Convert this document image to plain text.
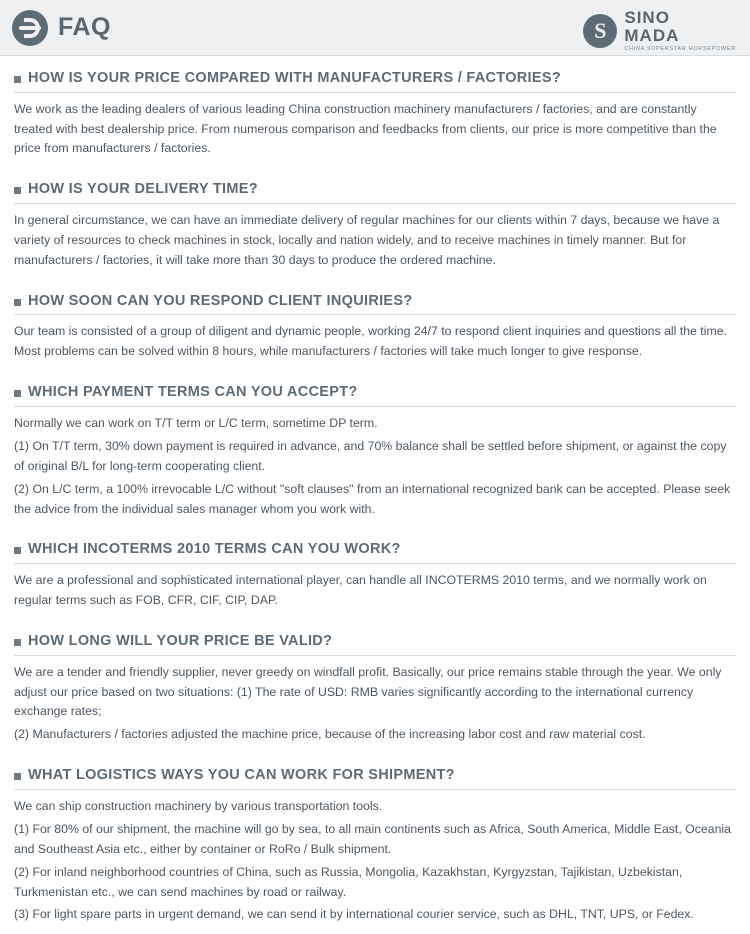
FAQ S	SINO
MADA
CHINA SUPERSTAR HORSEPOWER
HOW IS YOUR PRICE COMPARED WITH MANUFACTURERS / FACTORIES?

We work as the leading dealers of various leading China construction machinery manufacturers / factories, and are constantly treated with best dealership price. From numerous comparison and feedbacks from clients, our price is more competitive than the price from manufacturers / factories.

HOW IS YOUR DELIVERY TIME?

In general circumstance, we can have an immediate delivery of regular machines for our clients within 7 days, because we have a variety of resources to check machines in stock, locally and nation widely, and to receive machines in timely manner. But for manufacturers / factories, it will take more than 30 days to produce the ordered machine.

HOW SOON CAN YOU RESPOND CLIENT INQUIRIES?

Our team is consisted of a group of diligent and dynamic people, working 24/7 to respond client inquiries and questions all the time. Most problems can be solved within 8 hours, while manufacturers / factories will take much longer to give response.

WHICH PAYMENT TERMS CAN YOU ACCEPT?

Normally we can work on T/T term or L/C term, sometime DP term.

(1) On T/T term, 30% down payment is required in advance, and 70% balance shall be settled before shipment, or against the copy of original B/L for long-term cooperating client.

(2) On L/C term, a 100% irrevocable L/C without "soft clauses" from an international recognized bank can be accepted. Please seek the advice from the individual sales manager whom you work with.

WHICH INCOTERMS 2010 TERMS CAN YOU WORK?

We are a professional and sophisticated international player, can handle all INCOTERMS 2010 terms, and we normally work on regular terms such as FOB, CFR, CIF, CIP, DAP.

HOW LONG WILL YOUR PRICE BE VALID?

We are a tender and friendly supplier, never greedy on windfall profit. Basically, our price remains stable through the year. We only adjust our price based on two situations: (1) The rate of USD: RMB varies significantly according to the international currency exchange rates;

(2) Manufacturers / factories adjusted the machine price, because of the increasing labor cost and raw material cost.

WHAT LOGISTICS WAYS YOU CAN WORK FOR SHIPMENT?

We can ship construction machinery by various transportation tools.

(1) For 80% of our shipment, the machine will go by sea, to all main continents such as Africa, South America, Middle East, Oceania and Southeast Asia etc., either by container or RoRo / Bulk shipment.

(2) For inland neighborhood countries of China, such as Russia, Mongolia, Kazakhstan, Kyrgyzstan, Tajikistan, Uzbekistan, Turkmenistan etc., we can send machines by road or railway.

(3) For light spare parts in urgent demand, we can send it by international courier service, such as DHL, TNT, UPS, or Fedex.
